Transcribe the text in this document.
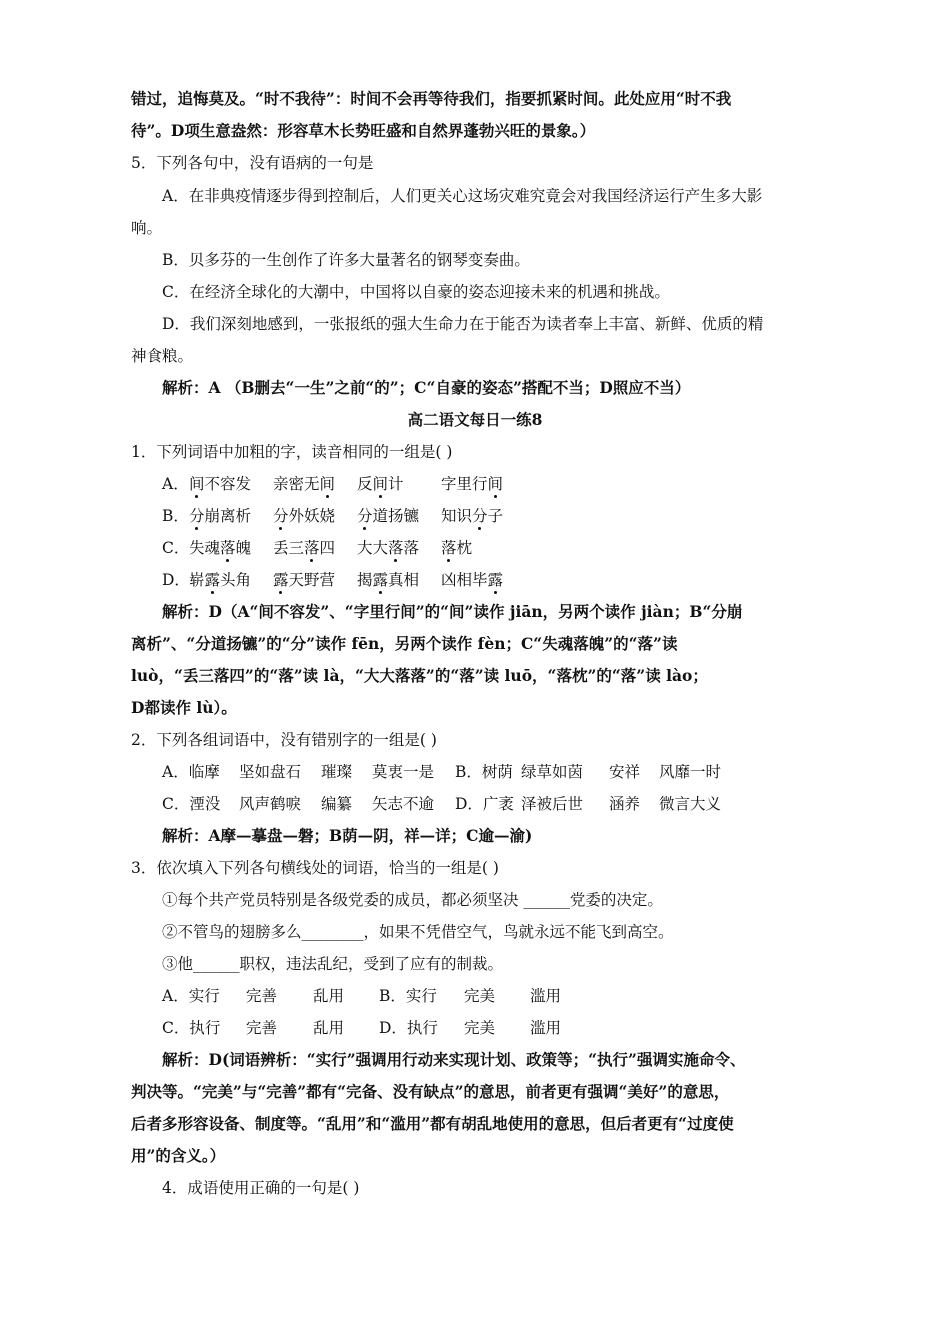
错过，追悔莫及。“时不我待”：时间不会再等待我们，指要抓紧时间。此处应用“时不我
待”。D项生意盎然：形容草木长势旺盛和自然界蓬勃兴旺的景象。）
5．下列各句中，没有语病的一句是
A．在非典疫情逐步得到控制后，人们更关心这场灾难究竟会对我国经济运行产生多大影
响。
B．贝多芬的一生创作了许多大量著名的钢琴变奏曲。
C．在经济全球化的大潮中，中国将以自豪的姿态迎接未来的机遇和挑战。
D．我们深刻地感到，一张报纸的强大生命力在于能否为读者奉上丰富、新鲜、优质的精
神食粮。
解析：A （B删去“一生”之前“的”；C“自豪的姿态”搭配不当；D照应不当）
高二语文每日一练8
1．下列词语中加粗的字，读音相同的一组是( )
A．间不容发 亲密无间 反间计 字里行间
B．分崩离析 分外妖娆 分道扬镳 知识分子
C．失魂落魄 丢三落四 大大落落 落枕
D．崭露头角 露天野营 揭露真相 凶相毕露
解析：D（A“间不容发”、“字里行间”的“间”读作 jiān，另两个读作 jiàn；B“分崩
离析”、“分道扬镳”的“分”读作 fēn，另两个读作 fèn；C“失魂落魄”的“落”读
luò，“丢三落四”的“落”读 là，“大大落落”的“落”读 luō，“落枕”的“落”读 lào；
D都读作 lù）。
2．下列各组词语中，没有错别字的一组是( )
A．临摩 坚如盘石 璀璨 莫衷一是 B．树荫 绿草如茵 安祥 风靡一时
C．湮没 风声鹤唳 编纂 矢志不逾 D．广袤 泽被后世 涵养 微言大义
解析：A摩—摹盘—磐；B荫—阴，祥—详；C逾—渝)
3．依次填入下列各句横线处的词语，恰当的一组是( )
①每个共产党员特别是各级党委的成员，都必须坚决 ______党委的决定。
②不管鸟的翅膀多么________，如果不凭借空气，鸟就永远不能飞到高空。
③他______职权，违法乱纪，受到了应有的制裁。
A．实行 完善 乱用 B．实行 完美 滥用
C．执行 完善 乱用 D．执行 完美 滥用
解析：D(词语辨析：“实行”强调用行动来实现计划、政策等；“执行”强调实施命令、
判决等。“完美”与“完善”都有“完备、没有缺点”的意思，前者更有强调“美好”的意思，
后者多形容设备、制度等。“乱用”和“滥用”都有胡乱地使用的意思，但后者更有“过度使
用”的含义。）
4．成语使用正确的一句是( )
